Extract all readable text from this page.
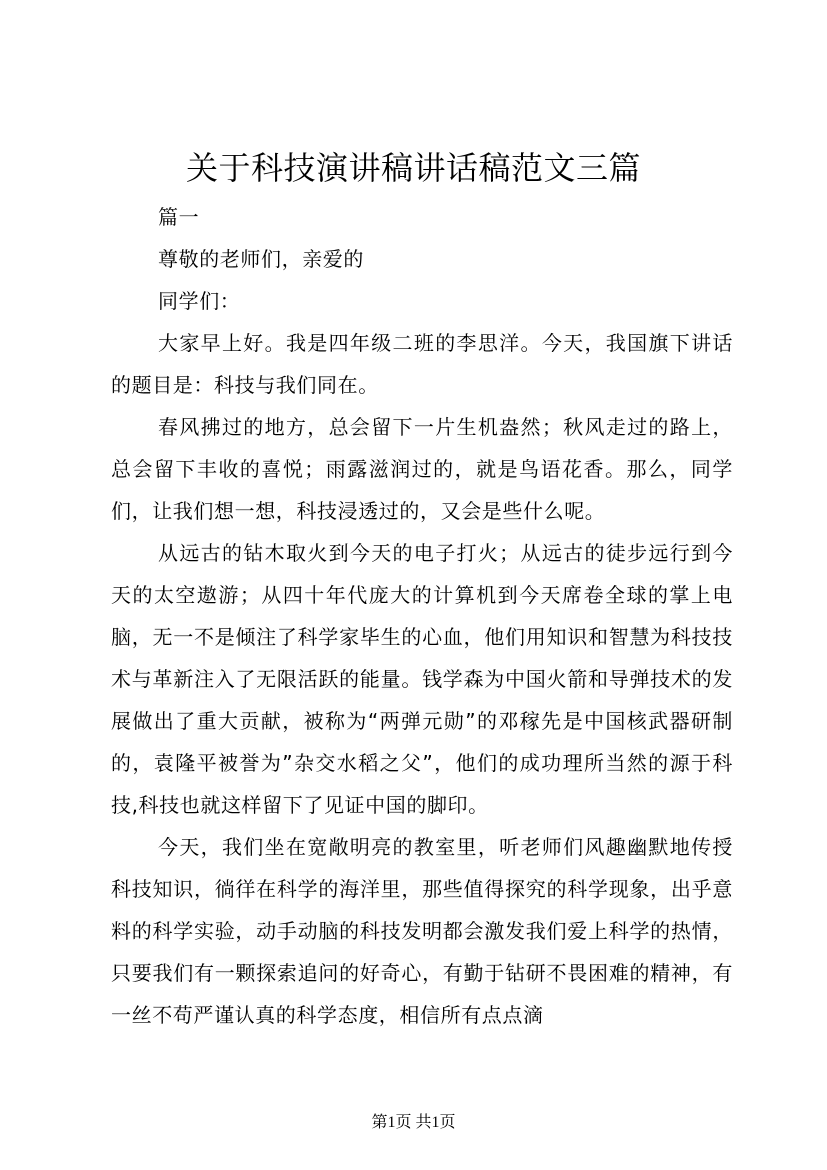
关于科技演讲稿讲话稿范文三篇

篇一

尊敬的老师们，亲爱的

同学们：

大家早上好。我是四年级二班的李思洋。今天，我国旗下讲话的题目是：科技与我们同在。

春风拂过的地方，总会留下一片生机盎然；秋风走过的路上，总会留下丰收的喜悦；雨露滋润过的，就是鸟语花香。那么，同学们，让我们想一想，科技浸透过的，又会是些什么呢。

从远古的钻木取火到今天的电子打火；从远古的徒步远行到今天的太空遨游；从四十年代庞大的计算机到今天席卷全球的掌上电脑，无一不是倾注了科学家毕生的心血，他们用知识和智慧为科技技术与革新注入了无限活跃的能量。钱学森为中国火箭和导弹技术的发展做出了重大贡献，被称为“两弹元勋”的邓稼先是中国核武器研制的，袁隆平被誉为”杂交水稻之父”，他们的成功理所当然的源于科技,科技也就这样留下了见证中国的脚印。

今天，我们坐在宽敞明亮的教室里，听老师们风趣幽默地传授科技知识，徜徉在科学的海洋里，那些值得探究的科学现象，出乎意料的科学实验，动手动脑的科技发明都会激发我们爱上科学的热情，只要我们有一颗探索追问的好奇心，有勤于钻研不畏困难的精神，有一丝不苟严谨认真的科学态度，相信所有点点滴

第1页 共1页
